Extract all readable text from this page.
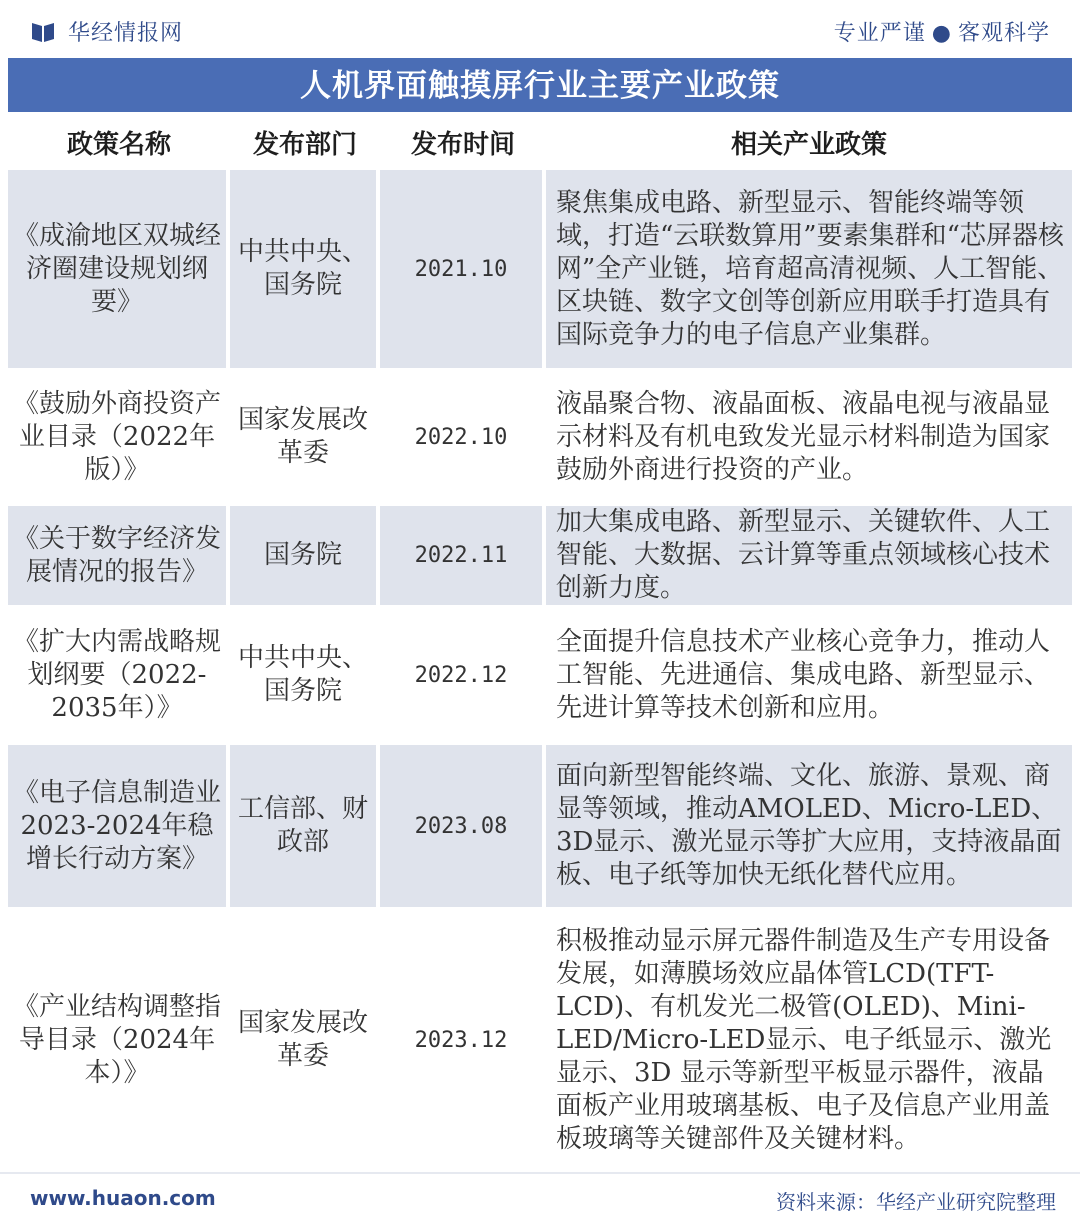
华经情报网	专业严谨 ● 客观科学
人机界面触摸屏行业主要产业政策
政策名称	发布部门	发布时间	相关产业政策
《成渝地区双城经济圈建设规划纲要》	中共中央、国务院	2021.10	聚焦集成电路、新型显示、智能终端等领域，打造“云联数算用”要素集群和“芯屏器核网”全产业链，培育超高清视频、人工智能、区块链、数字文创等创新应用联手打造具有国际竞争力的电子信息产业集群。
《鼓励外商投资产业目录（2022年版）》	国家发展改革委	2022.10	液晶聚合物、液晶面板、液晶电视与液晶显示材料及有机电致发光显示材料制造为国家鼓励外商进行投资的产业。
《关于数字经济发展情况的报告》	国务院	2022.11	加大集成电路、新型显示、关键软件、人工智能、大数据、云计算等重点领域核心技术创新力度。
《扩大内需战略规划纲要（2022-2035年）》	中共中央、国务院	2022.12	全面提升信息技术产业核心竞争力，推动人工智能、先进通信、集成电路、新型显示、先进计算等技术创新和应用。
《电子信息制造业2023-2024年稳增长行动方案》	工信部、财政部	2023.08	面向新型智能终端、文化、旅游、景观、商显等领域，推动AMOLED、Micro-LED、3D显示、激光显示等扩大应用，支持液晶面板、电子纸等加快无纸化替代应用。
《产业结构调整指导目录（2024年本）》	国家发展改革委	2023.12	积极推动显示屏元器件制造及生产专用设备发展，如薄膜场效应晶体管LCD(TFT-LCD)、有机发光二极管(OLED)、Mini-LED/Micro-LED显示、电子纸显示、激光显示、3D 显示等新型平板显示器件，液晶面板产业用玻璃基板、电子及信息产业用盖板玻璃等关键部件及关键材料。
www.huaon.com	资料来源：华经产业研究院整理
